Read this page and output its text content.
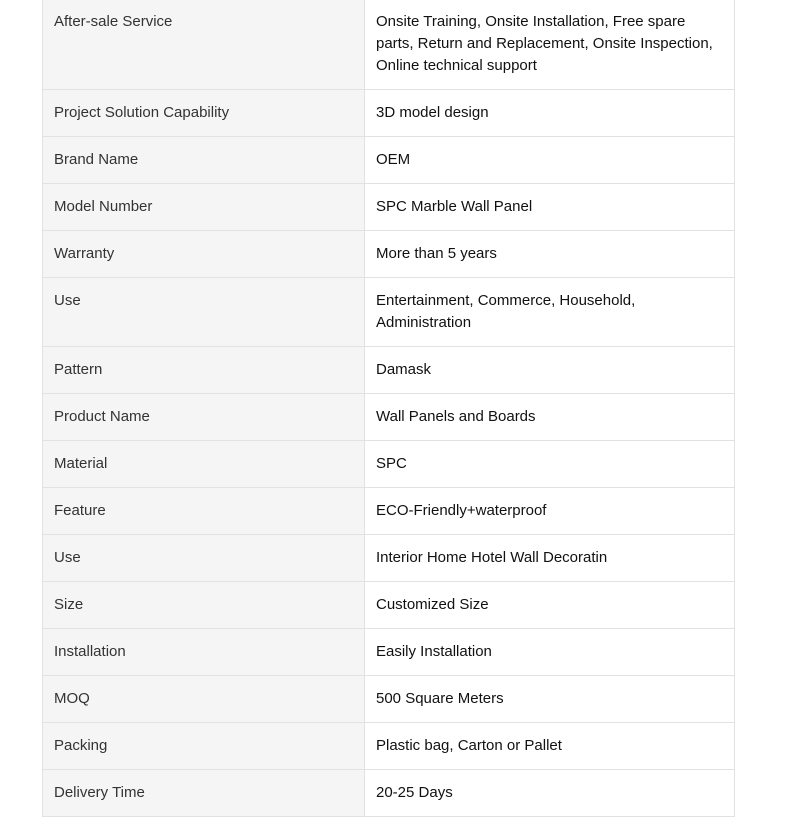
After-sale Service	Onsite Training, Onsite Installation, Free spare parts, Return and Replacement, Onsite Inspection, Online technical support
Project Solution Capability	3D model design
Brand Name	OEM
Model Number	SPC Marble Wall Panel
Warranty	More than 5 years
Use	Entertainment, Commerce, Household, Administration
Pattern	Damask
Product Name	Wall Panels and Boards
Material	SPC
Feature	ECO-Friendly+waterproof
Use	Interior Home Hotel Wall Decoratin
Size	Customized Size
Installation	Easily Installation
MOQ	500 Square Meters
Packing	Plastic bag, Carton or Pallet
Delivery Time	20-25 Days
